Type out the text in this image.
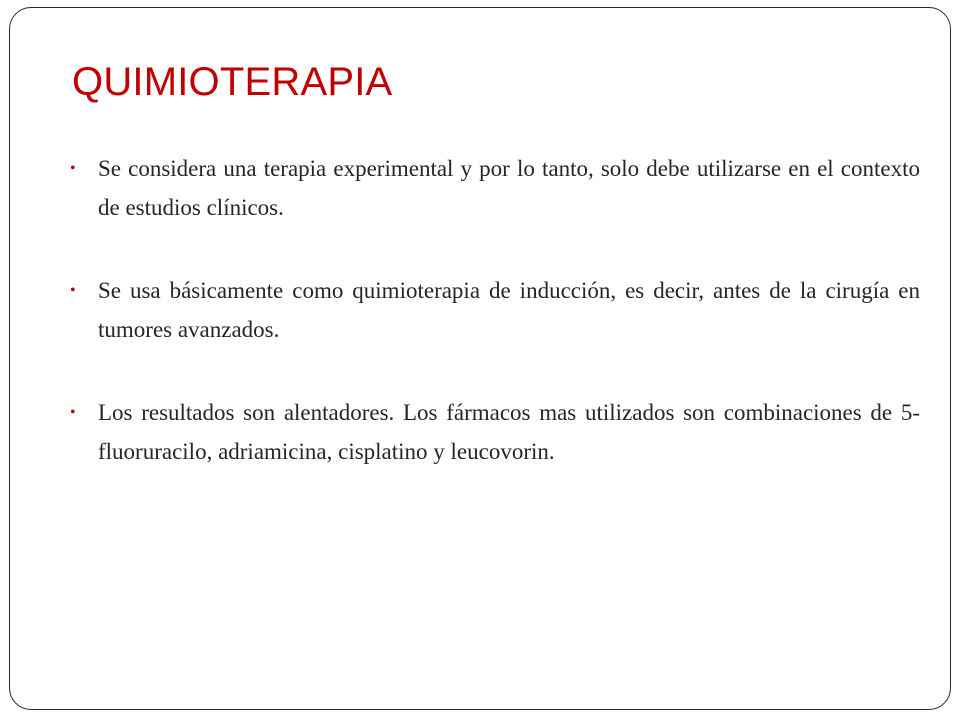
QUIMIOTERAPIA
• Se considera una terapia experimental y por lo tanto, solo debe utilizarse en el contexto de estudios clínicos.
• Se usa básicamente como quimioterapia de inducción, es decir, antes de la cirugía en tumores avanzados.
• Los resultados son alentadores. Los fármacos mas utilizados son combinaciones de 5-fluoruracilo, adriamicina, cisplatino y leucovorin.
